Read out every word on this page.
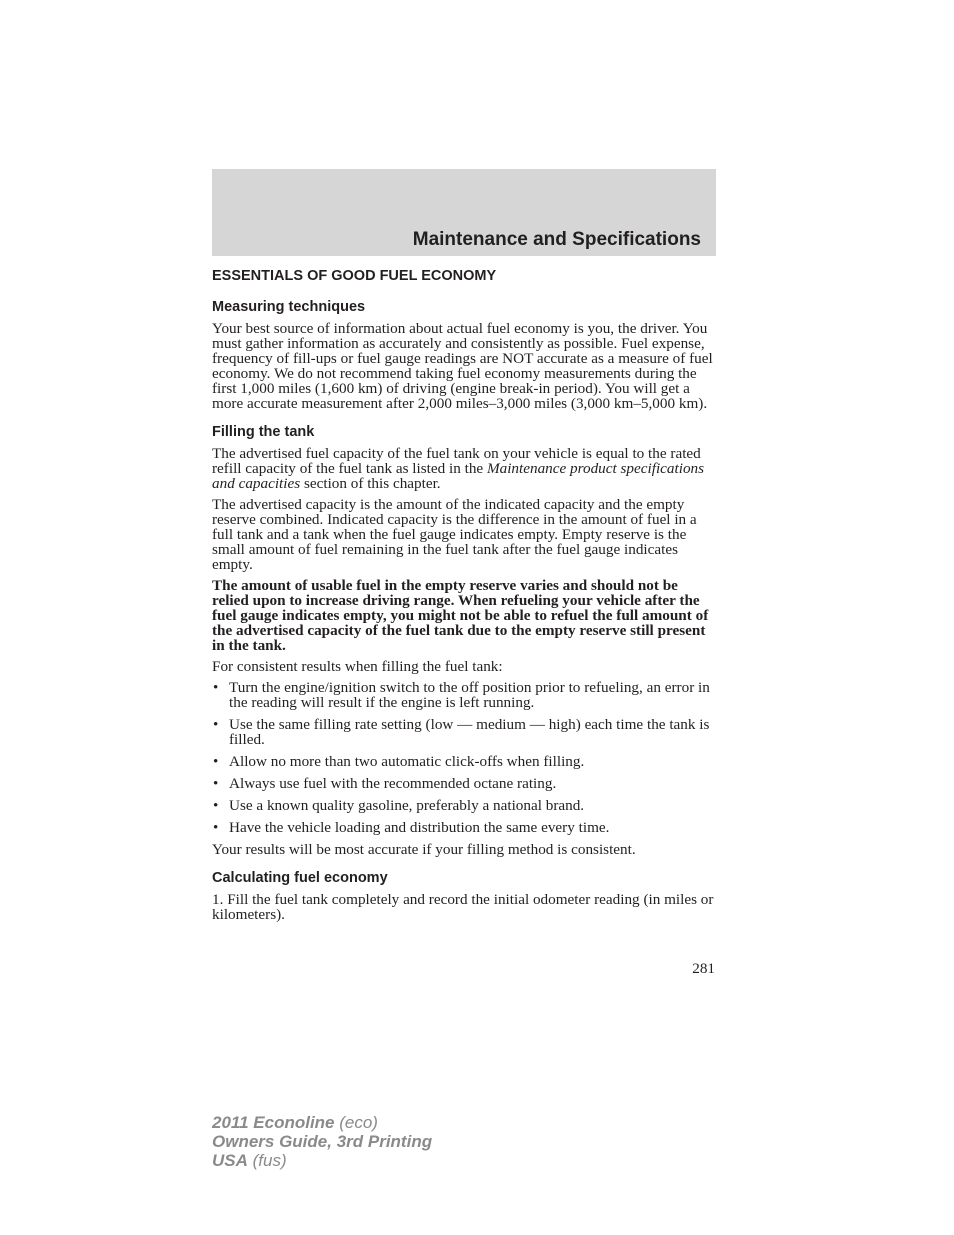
Maintenance and Specifications
ESSENTIALS OF GOOD FUEL ECONOMY
Measuring techniques

Your best source of information about actual fuel economy is you, the driver. You must gather information as accurately and consistently as possible. Fuel expense, frequency of fill-ups or fuel gauge readings are NOT accurate as a measure of fuel economy. We do not recommend taking fuel economy measurements during the first 1,000 miles (1,600 km) of driving (engine break-in period). You will get a more accurate measurement after 2,000 miles–3,000 miles (3,000 km–5,000 km).

Filling the tank

The advertised fuel capacity of the fuel tank on your vehicle is equal to the rated refill capacity of the fuel tank as listed in the Maintenance product specifications and capacities section of this chapter.

The advertised capacity is the amount of the indicated capacity and the empty reserve combined. Indicated capacity is the difference in the amount of fuel in a full tank and a tank when the fuel gauge indicates empty. Empty reserve is the small amount of fuel remaining in the fuel tank after the fuel gauge indicates empty.

The amount of usable fuel in the empty reserve varies and should not be relied upon to increase driving range. When refueling your vehicle after the fuel gauge indicates empty, you might not be able to refuel the full amount of the advertised capacity of the fuel tank due to the empty reserve still present in the tank.

For consistent results when filling the fuel tank:

• Turn the engine/ignition switch to the off position prior to refueling, an error in the reading will result if the engine is left running.
• Use the same filling rate setting (low — medium — high) each time the tank is filled.
• Allow no more than two automatic click-offs when filling.
• Always use fuel with the recommended octane rating.
• Use a known quality gasoline, preferably a national brand.
• Have the vehicle loading and distribution the same every time.

Your results will be most accurate if your filling method is consistent.

Calculating fuel economy

1. Fill the fuel tank completely and record the initial odometer reading (in miles or kilometers).

281
2011 Econoline (eco)
Owners Guide, 3rd Printing
USA (fus)
